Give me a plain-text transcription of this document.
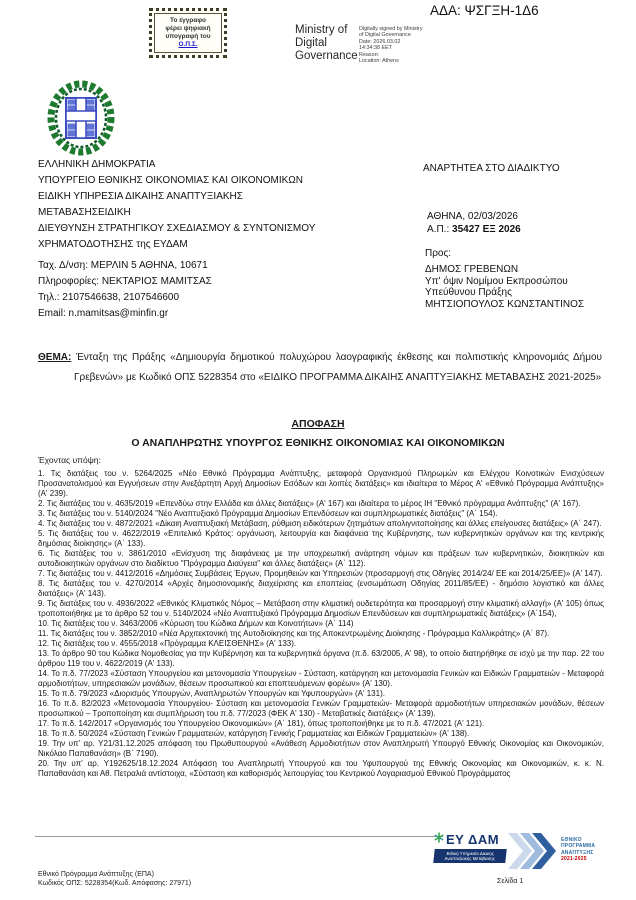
Το έγγραφο
φέρει ψηφιακή
υπογραφή του
Ο.Π.Σ.
ΑΔΑ: ΨΣΓΞΗ-1Δ6
Ministry of
Digital
Governance
Digitally signed by Ministry
of Digital Governance
Date: 2026.03.02
14:34:38 EET
Reason:
Location: Athens
ΕΛΛΗΝΙΚΗ ΔΗΜΟΚΡΑΤΙΑ
ΥΠΟΥΡΓΕΙΟ ΕΘΝΙΚΗΣ ΟΙΚΟΝΟΜΙΑΣ ΚΑΙ ΟΙΚΟΝΟΜΙΚΩΝ
ΕΙΔΙΚΗ ΥΠΗΡΕΣΙΑ ΔΙΚΑΙΗΣ ΑΝΑΠΤΥΞΙΑΚΗΣ
ΜΕΤΑΒΑΣΗΣΕΙΔΙΚΗ
ΔΙΕΥΘΥΝΣΗ ΣΤΡΑΤΗΓΙΚΟΥ ΣΧΕΔΙΑΣΜΟΥ & ΣΥΝΤΟΝΙΣΜΟΥ
ΧΡΗΜΑΤΟΔΟΤΗΣΗΣ της ΕΥΔΑΜ
Ταχ. Δ/νση: ΜΕΡΛΙΝ 5 ΑΘΗΝΑ, 10671
Πληροφορίες: ΝΕΚΤΑΡΙΟΣ ΜΑΜΙΤΣΑΣ
Τηλ.: 2107546638, 2107546600
Email: n.mamitsas@minfin.gr
ΑΝΑΡΤΗΤΕΑ ΣΤΟ ΔΙΑΔΙΚΤΥΟ
ΑΘΗΝΑ, 02/03/2026
Α.Π.: 35427 ΕΞ 2026
Προς:
ΔΗΜΟΣ ΓΡΕΒΕΝΩΝ
Υπ' όψιν Νομίμου Εκπροσώπου
Υπεύθυνου Πράξης
ΜΗΤΣΙΟΠΟΥΛΟΣ ΚΩΝΣΤΑΝΤΙΝΟΣ
ΘΕΜΑ: Ένταξη της Πράξης «Δημιουργία δημοτικού πολυχώρου λαογραφικής έκθεσης και πολιτιστικής κληρονομιάς Δήμου Γρεβενών» με Κωδικό ΟΠΣ 5228354 στο «ΕΙΔΙΚΟ ΠΡΟΓΡΑΜΜΑ ΔΙΚΑΙΗΣ ΑΝΑΠΤΥΞΙΑΚΗΣ ΜΕΤΑΒΑΣΗΣ 2021-2025»
ΑΠΟΦΑΣΗ
Ο ΑΝΑΠΛΗΡΩΤΗΣ ΥΠΟΥΡΓΟΣ ΕΘΝΙΚΗΣ ΟΙΚΟΝΟΜΙΑΣ ΚΑΙ ΟΙΚΟΝΟΜΙΚΩΝ
Έχοντας υπόψη:

1. Τις διατάξεις του ν. 5264/2025 «Νέο Εθνικό Πρόγραμμα Ανάπτυξης, μεταφορά Οργανισμού Πληρωμών και Ελέγχου Κοινοτικών Ενισχύσεων Προσανατολισμού και Εγγυήσεων στην Ανεξάρτητη Αρχή Δημοσίων Εσόδων και λοιπές διατάξεις» και ιδιαίτερα το Μέρος Α' «Εθνικό Πρόγραμμα Ανάπτυξης» (Α' 239).

2. Τις διατάξεις του ν. 4635/2019 «Επενδύω στην Ελλάδα και άλλες διατάξεις» (Α' 167) και ιδιαίτερα το μέρος ΙΗ "Εθνικό πρόγραμμα Ανάπτυξης" (Α' 167).

3. Τις διατάξεις του ν. 5140/2024 "Νέο Αναπτυξιακό Πρόγραμμα Δημοσίων Επενδύσεων και συμπληρωματικές διατάξεις" (Α΄ 154).

4. Τις διατάξεις του ν. 4872/2021 «Δίκαιη Αναπτυξιακή Μετάβαση, ρύθμιση ειδικότερων ζητημάτων απολιγνιτοποίησης και άλλες επείγουσες διατάξεις» (Α΄ 247).

5. Τις διατάξεις του ν. 4622/2019 «Επιτελικό Κράτος: οργάνωση, λειτουργία και διαφάνεια της Κυβέρνησης, των κυβερνητικών οργάνων και της κεντρικής δημόσιας διοίκησης» (Α΄ 133).

6. Τις διατάξεις του ν. 3861/2010 «Ενίσχυση της διαφάνειας με την υποχρεωτική ανάρτηση νόμων και πράξεων των κυβερνητικών, διοικητικών και αυτοδιοικητικών οργάνων στο διαδίκτυο "Πρόγραμμα Διαύγεια" και άλλες διατάξεις» (Α΄ 112).

7. Τις διατάξεις του ν. 4412/2016 «Δημόσιες Συμβάσεις Έργων, Προμηθειών και Υπηρεσιών (προσαρμογή στις Οδηγίες 2014/24/ ΕΕ και 2014/25/ΕΕ)» (Α' 147).

8. Τις διατάξεις του ν. 4270/2014 «Αρχές δημοσιονομικής διαχείρισης και εποπτείας (ενσωμάτωση Οδηγίας 2011/85/ΕΕ) - δημόσιο λογιστικό και άλλες διατάξεις» (Α' 143).

9. Τις διατάξεις του ν. 4936/2022 «Εθνικός Κλιματικός Νόμος – Μετάβαση στην κλιματική ουδετερότητα και προσαρμογή στην κλιματική αλλαγή» (Α' 105) όπως τροποποιήθηκε με το άρθρο 52 του ν. 5140/2024 «Νέο Αναπτυξιακό Πρόγραμμα Δημοσίων Επενδύσεων και συμπληρωματικές διατάξεις» (Α΄154),

10. Τις διατάξεις του ν. 3463/2006 «Κύρωση του Κώδικα Δήμων και Κοινοτήτων» (Α΄ 114)

11. Τις διατάξεις του ν. 3852/2010 «Νέα Αρχιτεκτονική της Αυτοδιοίκησης και της Αποκεντρωμένης Διοίκησης - Πρόγραμμα Καλλικράτης» (Α΄ 87).

12. Τις διατάξεις του ν. 4555/2018 «Πρόγραμμα ΚΛΕΙΣΘΕΝΗΣ» (Α' 133).

13. Το άρθρο 90 του Κώδικα Νομοθεσίας για την Κυβέρνηση και τα κυβερνητικά όργανα (π.δ. 63/2005, Α' 98), το οποίο διατηρήθηκε σε ισχύ με την παρ. 22 του άρθρου 119 του ν. 4622/2019 (Α' 133).

14. Το π.δ. 77/2023 «Σύσταση Υπουργείου και μετονομασία Υπουργείων - Σύσταση, κατάργηση και μετονομασία Γενικών και Ειδικών Γραμματειών - Μεταφορά αρμοδιοτήτων, υπηρεσιακών μονάδων, θέσεων προσωπικού και εποπτευόμενων φορέων» (Α' 130).

15. Το π.δ. 79/2023 «Διορισμός Υπουργών, Αναπληρωτών Υπουργών και Υφυπουργών» (Α' 131).

16. Το π.δ. 82/2023 «Μετονομασία Υπουργείου- Σύσταση και μετονομασία Γενικών Γραμματειών- Μεταφορά αρμοδιοτήτων υπηρεσιακών μονάδων, θέσεων προσωπικού – Τροποποίηση και συμπλήρωση του π.δ. 77/2023 (ΦΕΚ Α' 130) - Μεταβατικές διατάξεις» (Α' 139).

17. Το π.δ. 142/2017 «Οργανισμός του Υπουργείου Οικονομικών» (Α΄ 181), όπως τροποποιήθηκε με το π.δ. 47/2021 (Α' 121).

18. Το π.δ. 50/2024 «Σύσταση Γενικών Γραμματειών, κατάργηση Γενικής Γραμματείας και Ειδικών Γραμματειών» (Α' 138).

19. Την υπ' αρ. Υ21/31.12.2025 απόφαση του Πρωθυπουργού «Ανάθεση Αρμοδιοτήτων στον Αναπληρωτή Υπουργό Εθνικής Οικονομίας και Οικονομικών, Νικόλαο Παπαθανάση» (Β΄ 7190).

20. Την υπ' αρ. Υ192625/18.12.2024 Απόφαση του Αναπληρωτή Υπουργού και του Υφυπουργού της Εθνικής Οικονομίας και Οικονομικών, κ. κ. Ν. Παπαθανάση και Αθ. Πετραλιά αντίστοιχα, «Σύσταση και καθορισμός λειτουργίας του Κεντρικού Λογαριασμού Εθνικού Προγράμματος

ΕΥ ΔΑΜ
Ειδική Υπηρεσία Δίκαιης
Αναπτυξιακής Μετάβασης
ΕΘΝΙΚΟ
ΠΡΟΓΡΑΜΜΑ
ΑΝΑΠΤΥΞΗΣ
2021-2025
Εθνικό Πρόγραμμα Ανάπτυξης (ΕΠΑ)
Κωδικός ΟΠΣ: 5228354(Κωδ. Απόφασης: 27971)	Σελίδα 1
